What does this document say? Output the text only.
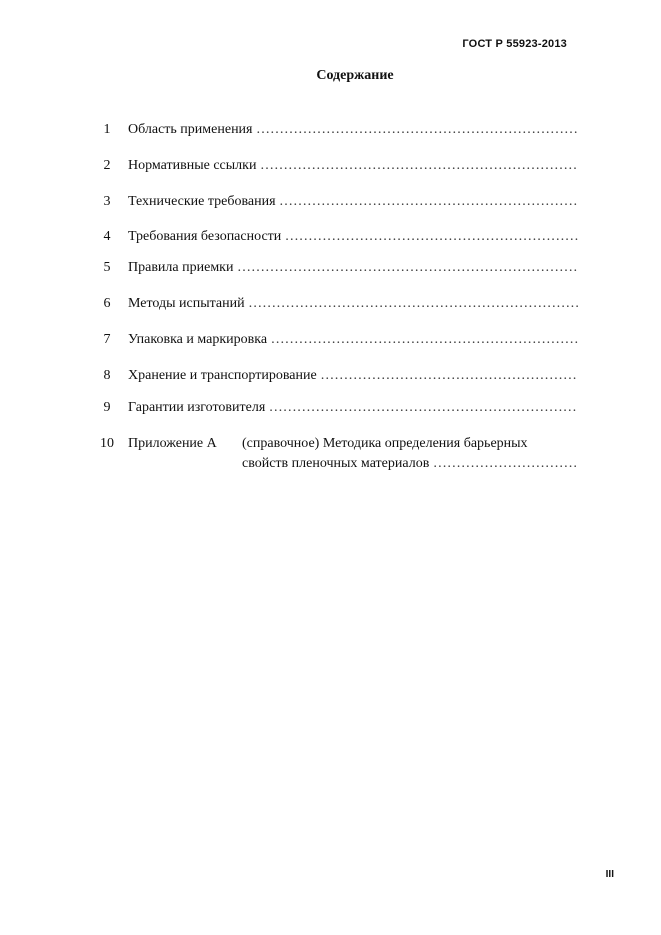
ГОСТ Р 55923-2013
Содержание
1	Область применения ……………………………………………………………………………………………………………
2	Нормативные ссылки ……………………………………………………………………………………………………………
3	Технические требования ……………………………………………………………………………………………………………
4	Требования безопасности ……………………………………………………………………………………………………………
5	Правила приемки ……………………………………………………………………………………………………………
6	Методы испытаний ……………………………………………………………………………………………………………
7	Упаковка и маркировка ……………………………………………………………………………………………………………
8	Хранение и транспортирование ……………………………………………………………………………………………………………
9	Гарантии изготовителя ……………………………………………………………………………………………………………
10 Приложение А (справочное) Методика определения барьерных
свойств пленочных материалов ……………………………………………………………………………………
III
